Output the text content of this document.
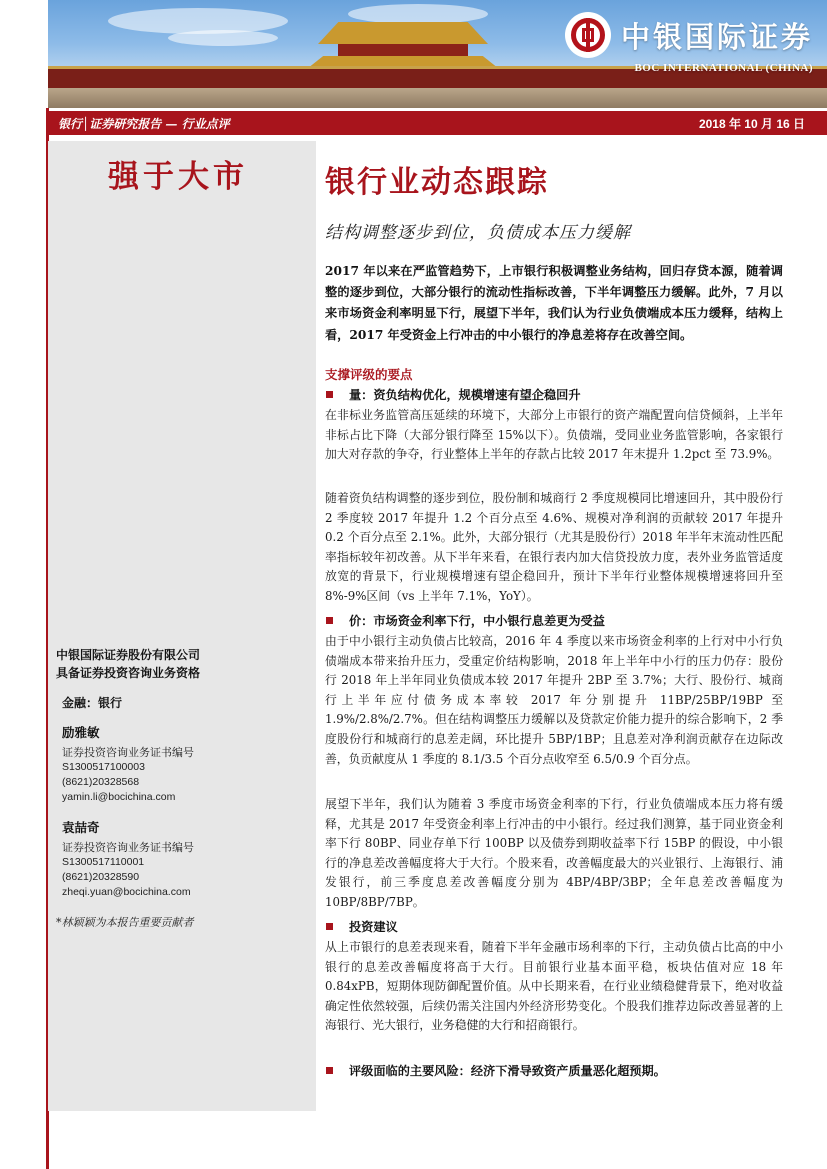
中银国际证券
BOC INTERNATIONAL (CHINA)
银行│证券研究报告 — 行业点评	2018 年 10 月 16 日
强于大市
中银国际证券股份有限公司
具备证券投资咨询业务资格
金融：银行
励雅敏
证券投资咨询业务证书编号
S1300517100003
(8621)20328568
yamin.li@bocichina.com
袁喆奇
证券投资咨询业务证书编号
S1300517110001
(8621)20328590
zheqi.yuan@bocichina.com
*林颖颖为本报告重要贡献者
银行业动态跟踪
结构调整逐步到位，负债成本压力缓解
2017 年以来在严监管趋势下，上市银行积极调整业务结构，回归存贷本源，随着调整的逐步到位，大部分银行的流动性指标改善，下半年调整压力缓解。此外，7 月以来市场资金利率明显下行，展望下半年，我们认为行业负债端成本压力缓释，结构上看，2017 年受资金上行冲击的中小银行的净息差将存在改善空间。
支撑评级的要点
量：资负结构优化，规模增速有望企稳回升
在非标业务监管高压延续的环境下，大部分上市银行的资产端配置向信贷倾斜，上半年非标占比下降（大部分银行降至 15%以下）。负债端，受同业业务监管影响，各家银行加大对存款的争夺，行业整体上半年的存款占比较 2017 年末提升 1.2pct 至 73.9%。
随着资负结构调整的逐步到位，股份制和城商行 2 季度规模同比增速回升，其中股份行 2 季度较 2017 年提升 1.2 个百分点至 4.6%、规模对净利润的贡献较 2017 年提升 0.2 个百分点至 2.1%。此外，大部分银行（尤其是股份行）2018 年半年末流动性匹配率指标较年初改善。从下半年来看，在银行表内加大信贷投放力度，表外业务监管适度放宽的背景下，行业规模增速有望企稳回升，预计下半年行业整体规模增速将回升至 8%-9%区间（vs 上半年 7.1%，YoY）。
价：市场资金利率下行，中小银行息差更为受益
由于中小银行主动负债占比较高，2016 年 4 季度以来市场资金利率的上行对中小行负债端成本带来抬升压力，受重定价结构影响，2018 年上半年中小行的压力仍存：股份行 2018 年上半年同业负债成本较 2017 年提升 2BP 至 3.7%；大行、股份行、城商行上半年应付债务成本率较 2017 年分别提升 11BP/25BP/19BP 至 1.9%/2.8%/2.7%。但在结构调整压力缓解以及贷款定价能力提升的综合影响下，2 季度股份行和城商行的息差走阔，环比提升 5BP/1BP；且息差对净利润贡献存在边际改善，负贡献度从 1 季度的 8.1/3.5 个百分点收窄至 6.5/0.9 个百分点。
展望下半年，我们认为随着 3 季度市场资金利率的下行，行业负债端成本压力将有缓释，尤其是 2017 年受资金利率上行冲击的中小银行。经过我们测算，基于同业资金利率下行 80BP、同业存单下行 100BP 以及债券到期收益率下行 15BP 的假设，中小银行的净息差改善幅度将大于大行。个股来看，改善幅度最大的兴业银行、上海银行、浦发银行，前三季度息差改善幅度分别为 4BP/4BP/3BP；全年息差改善幅度为 10BP/8BP/7BP。
投资建议
从上市银行的息差表现来看，随着下半年金融市场利率的下行，主动负债占比高的中小银行的息差改善幅度将高于大行。目前银行业基本面平稳，板块估值对应 18 年 0.84xPB，短期体现防御配置价值。从中长期来看，在行业业绩稳健背景下，绝对收益确定性依然较强，后续仍需关注国内外经济形势变化。个股我们推荐边际改善显著的上海银行、光大银行，业务稳健的大行和招商银行。
评级面临的主要风险：经济下滑导致资产质量恶化超预期。
